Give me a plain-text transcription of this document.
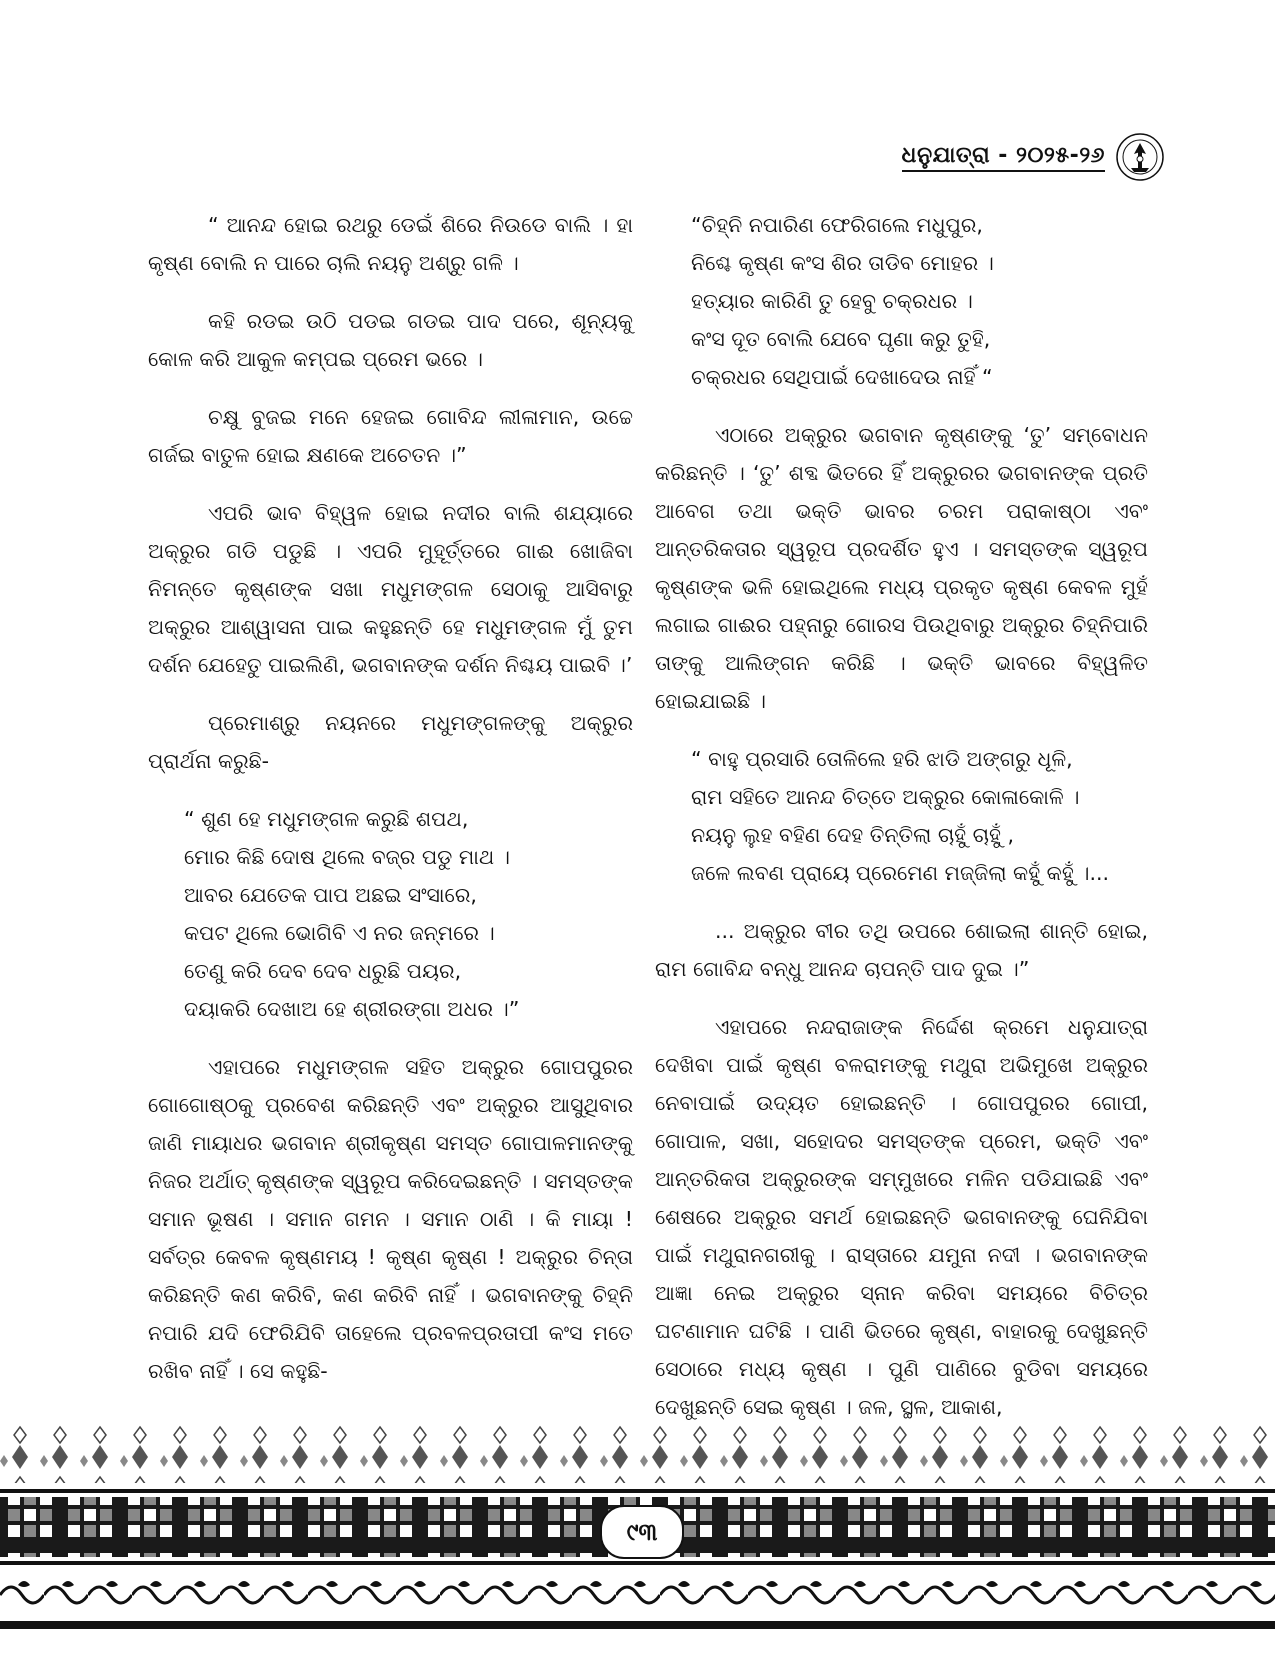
ଧନୁଯାତ୍ରା - ୨୦୨୫-୨୬

“ ଆନନ୍ଦ ହୋଇ ରଥରୁ ଡେଇଁ ଶିରେ ନିଉଡେ ବାଲି । ହା କୃଷ୍ଣ ବୋଲି ନ ପାରେ ଚାଲି ନୟନୁ ଅଶ୍ରୁ ଗଳି ।

କହି ରଡଇ ଉଠି ପଡଇ ଗଡଇ ପାଦ ପରେ, ଶୂନ୍ୟକୁ କୋଳ କରି ଆକୁଳ କମ୍ପଇ ପ୍ରେମ ଭରେ ।

ଚକ୍ଷୁ ବୁଜଇ ମନେ ହେଜଇ ଗୋବିନ୍ଦ ଲୀଳାମାନ, ଉଚ୍ଚେ ଗର୍ଜଇ ବାତୁଳ ହୋଇ କ୍ଷଣକେ ଅଚେତନ ।”

ଏପରି ଭାବ ବିହ୍ୱଳ ହୋଇ ନଦୀର ବାଲି ଶଯ୍ୟାରେ ଅକ୍ରୁର ଗଡି ପଡୁଛି । ଏପରି ମୁହୂର୍ତ୍ତରେ ଗାଈ ଖୋଜିବା ନିମନ୍ତେ କୃଷ୍ଣଙ୍କ ସଖା ମଧୁମଙ୍ଗଳ ସେଠାକୁ ଆସିବାରୁ ଅକ୍ରୁର ଆଶ୍ୱାସନା ପାଇ କହୁଛନ୍ତି ହେ ମଧୁମଙ୍ଗଳ ମୁଁ ତୁମ ଦର୍ଶନ ଯେହେତୁ ପାଇଲିଣି, ଭଗବାନଙ୍କ ଦର୍ଶନ ନିଶ୍ଚୟ ପାଇବି ।’

ପ୍ରେମାଶ୍ରୁ ନୟନରେ ମଧୁମଙ୍ଗଳଙ୍କୁ ଅକ୍ରୁର ପ୍ରାର୍ଥନା କରୁଛି-

“ ଶୁଣ ହେ ମଧୁମଙ୍ଗଳ କରୁଛି ଶପଥ,
ମୋର କିଛି ଦୋଷ ଥିଲେ ବଜ୍ର ପଡୁ ମାଥ ।
ଆବର ଯେତେକ ପାପ ଅଛଇ ସଂସାରେ,
କପଟ ଥିଲେ ଭୋଗିବି ଏ ନର ଜନ୍ମରେ ।
ତେଣୁ କରି ଦେବ ଦେବ ଧରୁଛି ପୟର,
ଦୟାକରି ଦେଖାଅ ହେ ଶ୍ରୀରଙ୍ଗା ଅଧର ।”

ଏହାପରେ ମଧୁମଙ୍ଗଳ ସହିତ ଅକ୍ରୁର ଗୋପପୁରର ଗୋଗୋଷ୍ଠକୁ ପ୍ରବେଶ କରିଛନ୍ତି ଏବଂ ଅକ୍ରୁର ଆସୁଥିବାର ଜାଣି ମାୟାଧର ଭଗବାନ ଶ୍ରୀକୃଷ୍ଣ ସମସ୍ତ ଗୋପାଳମାନଙ୍କୁ ନିଜର ଅର୍ଥାତ୍ କୃଷ୍ଣଙ୍କ ସ୍ୱରୂପ କରିଦେଇଛନ୍ତି । ସମସ୍ତଙ୍କ ସମାନ ଭୂଷଣ । ସମାନ ଗମନ । ସମାନ ଠାଣି । କି ମାୟା ! ସର୍ବତ୍ର କେବଳ କୃଷ୍ଣମୟ ! କୃଷ୍ଣ କୃଷ୍ଣ ! ଅକ୍ରୁର ଚିନ୍ତା କରିଛନ୍ତି କଣ କରିବି, କଣ କରିବି ନାହିଁ । ଭଗବାନଙ୍କୁ ଚିହ୍ନି ନପାରି ଯଦି ଫେରିଯିବି ତାହେଲେ ପ୍ରବଳପ୍ରତାପୀ କଂସ ମତେ ରଖିବ ନାହିଁ । ସେ କହୁଛି-

“ଚିହ୍ନି ନପାରିଣ ଫେରିଗଲେ ମଧୁପୁର,
ନିଶ୍ଚେ କୃଷ୍ଣ କଂସ ଶିର ତାଡିବ ମୋହର ।
ହତ୍ୟାର କାରିଣି ତୁ ହେବୁ ଚକ୍ରଧର ।
କଂସ ଦୂତ ବୋଲି ଯେବେ ଘୃଣା କରୁ ତୁହି,
ଚକ୍ରଧର ସେଥିପାଇଁ ଦେଖାଦେଉ ନାହିଁ “

ଏଠାରେ ଅକ୍ରୁର ଭଗବାନ କୃଷ୍ଣଙ୍କୁ ‘ତୁ’ ସମ୍ବୋଧନ କରିଛନ୍ତି । ‘ତୁ’ ଶବ୍ଦ ଭିତରେ ହିଁ ଅକ୍ରୁରର ଭଗବାନଙ୍କ ପ୍ରତି ଆବେଗ ତଥା ଭକ୍ତି ଭାବର ଚରମ ପରାକାଷ୍ଠା ଏବଂ ଆନ୍ତରିକତାର ସ୍ୱରୂପ ପ୍ରଦର୍ଶିତ ହୁଏ । ସମସ୍ତଙ୍କ ସ୍ୱରୂପ କୃଷ୍ଣଙ୍କ ଭଳି ହୋଇଥିଲେ ମଧ୍ୟ ପ୍ରକୃତ କୃଷ୍ଣ କେବଳ ମୁହଁ ଲଗାଇ ଗାଈର ପହ୍ନାରୁ ଗୋରସ ପିଉଥିବାରୁ ଅକ୍ରୁର ଚିହ୍ନିପାରି ତାଙ୍କୁ ଆଲିଙ୍ଗନ କରିଛି । ଭକ୍ତି ଭାବରେ ବିହ୍ୱଳିତ ହୋଇଯାଇଛି ।

“ ବାହୁ ପ୍ରସାରି ତୋଳିଲେ ହରି ଝାଡି ଅଙ୍ଗରୁ ଧୂଳି,
ରାମ ସହିତେ ଆନନ୍ଦ ଚିତ୍ତେ ଅକ୍ରୁର କୋଳାକୋଳି ।
ନୟନୁ ଲୁହ ବହିଣ ଦେହ ତିନ୍ତିଲା ଚାହୁଁ ଚାହୁଁ ,
ଜଳେ ଲବଣ ପ୍ରାୟେ ପ୍ରେମେଣ ମଜ୍ଜିଲା କହୁଁ କହୁଁ ।...

... ଅକ୍ରୁର ବୀର ତଥି ଉପରେ ଶୋଇଲା ଶାନ୍ତି ହୋଇ, ରାମ ଗୋବିନ୍ଦ ବନ୍ଧୁ ଆନନ୍ଦ ଚାପନ୍ତି ପାଦ ଦୁଇ ।”

ଏହାପରେ ନନ୍ଦରାଜାଙ୍କ ନିର୍ଦ୍ଦେଶ କ୍ରମେ ଧନୁଯାତ୍ରା ଦେଖିବା ପାଇଁ କୃଷ୍ଣ ବଳରାମଙ୍କୁ ମଥୁରା ଅଭିମୁଖେ ଅକ୍ରୁର ନେବାପାଇଁ ଉଦ୍ୟତ ହୋଇଛନ୍ତି । ଗୋପପୁରର ଗୋପୀ, ଗୋପାଳ, ସଖା, ସହୋଦର ସମସ୍ତଙ୍କ ପ୍ରେମ, ଭକ୍ତି ଏବଂ ଆନ୍ତରିକତା ଅକ୍ରୁରଙ୍କ ସମ୍ମୁଖରେ ମଳିନ ପଡିଯାଇଛି ଏବଂ ଶେଷରେ ଅକ୍ରୁର ସମର୍ଥ ହୋଇଛନ୍ତି ଭଗବାନଙ୍କୁ ଘେନିଯିବା ପାଇଁ ମଥୁରାନଗରୀକୁ । ରାସ୍ତାରେ ଯମୁନା ନଦୀ । ଭଗବାନଙ୍କ ଆଜ୍ଞା ନେଇ ଅକ୍ରୁର ସ୍ନାନ କରିବା ସମୟରେ ବିଚିତ୍ର ଘଟଣାମାନ ଘଟିଛି । ପାଣି ଭିତରେ କୃଷ୍ଣ, ବାହାରକୁ ଦେଖୁଛନ୍ତି ସେଠାରେ ମଧ୍ୟ କୃଷ୍ଣ । ପୁଣି ପାଣିରେ ବୁଡିବା ସମୟରେ ଦେଖୁଛନ୍ତି ସେଇ କୃଷ୍ଣ । ଜଳ, ସ୍ଥଳ, ଆକାଶ,

୯୩
